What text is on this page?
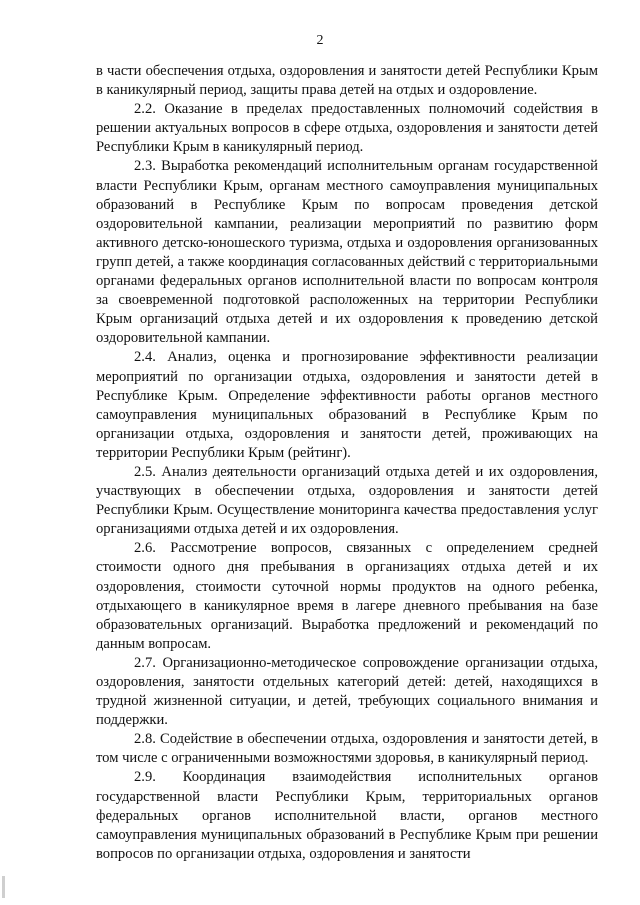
2

в части обеспечения отдыха, оздоровления и занятости детей Республики Крым в каникулярный период, защиты права детей на отдых и оздоровление.

2.2. Оказание в пределах предоставленных полномочий содействия в решении актуальных вопросов в сфере отдыха, оздоровления и занятости детей Республики Крым в каникулярный период.

2.3. Выработка рекомендаций исполнительным органам государственной власти Республики Крым, органам местного самоуправления муниципальных образований в Республике Крым по вопросам проведения детской оздоровительной кампании, реализации мероприятий по развитию форм активного детско-юношеского туризма, отдыха и оздоровления организованных групп детей, а также координация согласованных действий с территориальными органами федеральных органов исполнительной власти по вопросам контроля за своевременной подготовкой расположенных на территории Республики Крым организаций отдыха детей и их оздоровления к проведению детской оздоровительной кампании.

2.4. Анализ, оценка и прогнозирование эффективности реализации мероприятий по организации отдыха, оздоровления и занятости детей в Республике Крым. Определение эффективности работы органов местного самоуправления муниципальных образований в Республике Крым по организации отдыха, оздоровления и занятости детей, проживающих на территории Республики Крым (рейтинг).

2.5. Анализ деятельности организаций отдыха детей и их оздоровления, участвующих в обеспечении отдыха, оздоровления и занятости детей Республики Крым. Осуществление мониторинга качества предоставления услуг организациями отдыха детей и их оздоровления.

2.6. Рассмотрение вопросов, связанных с определением средней стоимости одного дня пребывания в организациях отдыха детей и их оздоровления, стоимости суточной нормы продуктов на одного ребенка, отдыхающего в каникулярное время в лагере дневного пребывания на базе образовательных организаций. Выработка предложений и рекомендаций по данным вопросам.

2.7. Организационно-методическое сопровождение организации отдыха, оздоровления, занятости отдельных категорий детей: детей, находящихся в трудной жизненной ситуации, и детей, требующих социального внимания и поддержки.

2.8. Содействие в обеспечении отдыха, оздоровления и занятости детей, в том числе с ограниченными возможностями здоровья, в каникулярный период.

2.9. Координация взаимодействия исполнительных органов государственной власти Республики Крым, территориальных органов федеральных органов исполнительной власти, органов местного самоуправления муниципальных образований в Республике Крым при решении вопросов по организации отдыха, оздоровления и занятости
